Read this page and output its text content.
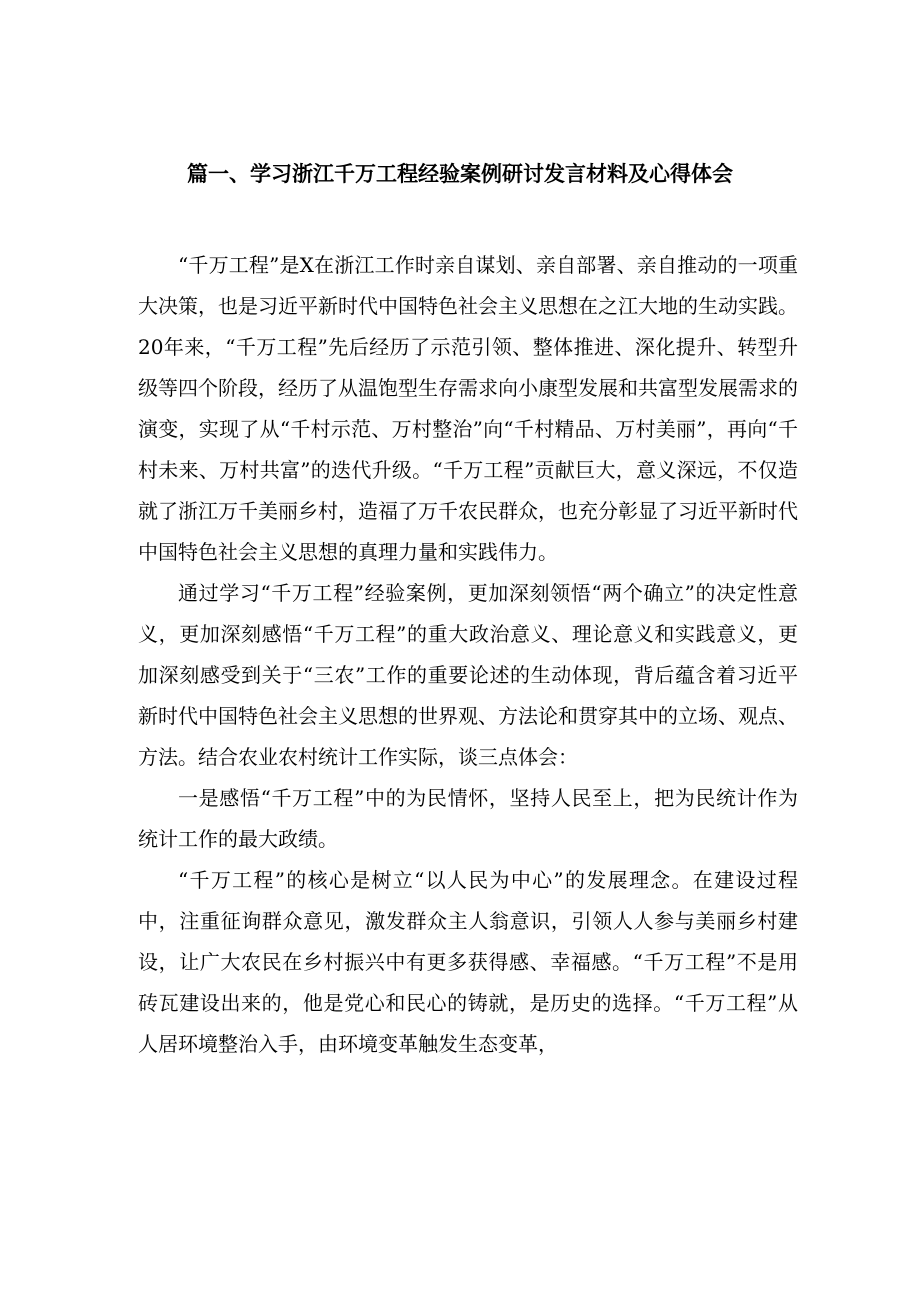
篇一、学习浙江千万工程经验案例研讨发言材料及心得体会

“千万工程”是X在浙江工作时亲自谋划、亲自部署、亲自推动的一项重大决策，也是习近平新时代中国特色社会主义思想在之江大地的生动实践。20年来，“千万工程”先后经历了示范引领、整体推进、深化提升、转型升级等四个阶段，经历了从温饱型生存需求向小康型发展和共富型发展需求的演变，实现了从“千村示范、万村整治”向“千村精品、万村美丽”，再向“千村未来、万村共富”的迭代升级。“千万工程”贡献巨大，意义深远，不仅造就了浙江万千美丽乡村，造福了万千农民群众，也充分彰显了习近平新时代中国特色社会主义思想的真理力量和实践伟力。

通过学习“千万工程”经验案例，更加深刻领悟“两个确立”的决定性意义，更加深刻感悟“千万工程”的重大政治意义、理论意义和实践意义，更加深刻感受到关于“三农”工作的重要论述的生动体现，背后蕴含着习近平新时代中国特色社会主义思想的世界观、方法论和贯穿其中的立场、观点、方法。结合农业农村统计工作实际，谈三点体会：

一是感悟“千万工程”中的为民情怀，坚持人民至上，把为民统计作为统计工作的最大政绩。

“千万工程”的核心是树立“以人民为中心”的发展理念。在建设过程中，注重征询群众意见，激发群众主人翁意识，引领人人参与美丽乡村建设，让广大农民在乡村振兴中有更多获得感、幸福感。“千万工程”不是用砖瓦建设出来的，他是党心和民心的铸就，是历史的选择。“千万工程”从人居环境整治入手，由环境变革触发生态变革，
